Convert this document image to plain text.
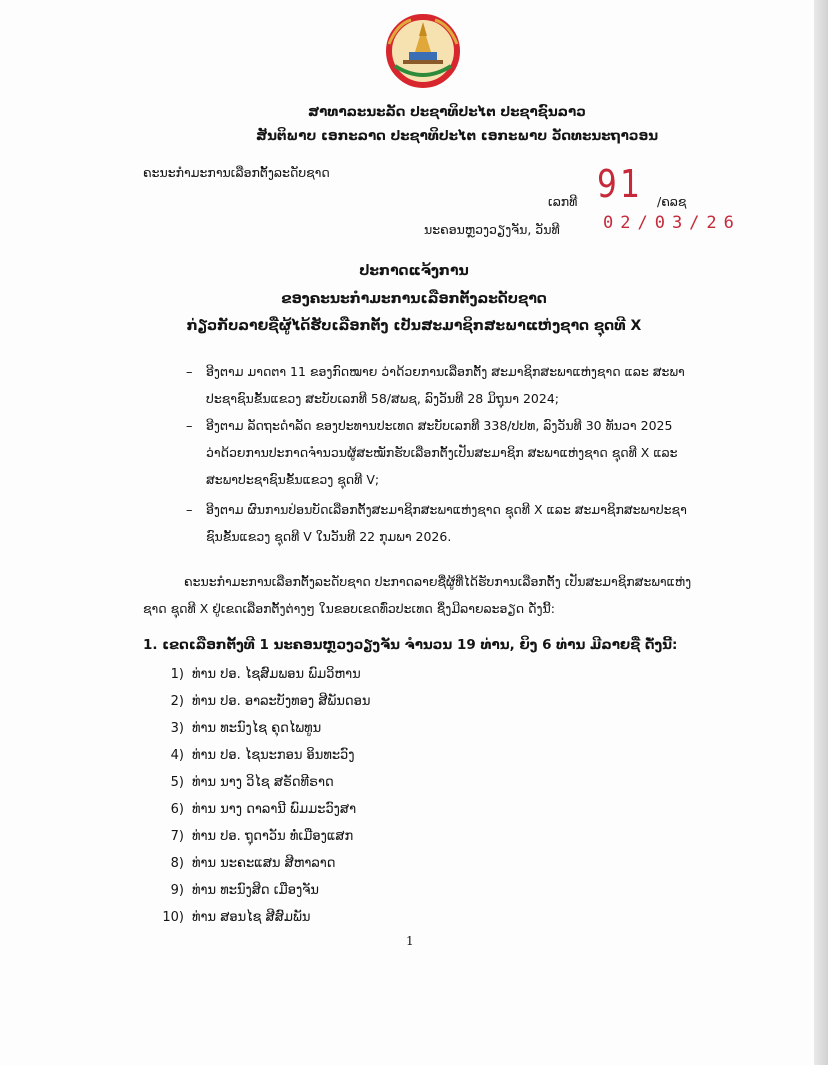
ສາທາລະນະລັດ ປະຊາທິປະໄຕ ປະຊາຊົນລາວ
ສັນຕິພາບ ເອກະລາດ ປະຊາທິປະໄຕ ເອກະພາບ ວັດທະນະຖາວອນ
ຄະນະກຳມະການເລືອກຕັ້ງລະດັບຊາດ
ເລກທີ 91 /ຄລຊ
ນະຄອນຫຼວງວຽງຈັນ, ວັນທີ	02/03/26
ປະກາດແຈ້ງການ
ຂອງຄະນະກຳມະການເລືອກຕັ້ງລະດັບຊາດ
ກ່ຽວກັບລາຍຊື່ຜູ້ໄດ້ຮັບເລືອກຕັ້ງ ເປັນສະມາຊິກສະພາແຫ່ງຊາດ ຊຸດທີ X
– ອີງຕາມ ມາດຕາ 11 ຂອງກົດໝາຍ ວ່າດ້ວຍການເລືອກຕັ້ງ ສະມາຊິກສະພາແຫ່ງຊາດ ແລະ ສະພາ
ປະຊາຊົນຂັ້ນແຂວງ ສະບັບເລກທີ 58/ສພຊ, ລົງວັນທີ 28 ມິຖຸນາ 2024;
– ອີງຕາມ ລັດຖະດຳລັດ ຂອງປະທານປະເທດ ສະບັບເລກທີ 338/ປປທ, ລົງວັນທີ 30 ທັນວາ 2025
ວ່າດ້ວຍການປະກາດຈຳນວນຜູ້ສະໝັກຮັບເລືອກຕັ້ງເປັນສະມາຊິກ ສະພາແຫ່ງຊາດ ຊຸດທີ X ແລະ
ສະພາປະຊາຊົນຂັ້ນແຂວງ ຊຸດທີ V;
– ອີງຕາມ ຜົນການປ່ອນບັດເລືອກຕັ້ງສະມາຊິກສະພາແຫ່ງຊາດ ຊຸດທີ X ແລະ ສະມາຊິກສະພາປະຊາ
ຊົນຂັ້ນແຂວງ ຊຸດທີ V ໃນວັນທີ 22 ກຸມພາ 2026.
ຄະນະກຳມະການເລືອກຕັ້ງລະດັບຊາດ ປະກາດລາຍຊື່ຜູ້ທີ່ໄດ້ຮັບການເລືອກຕັ້ງ ເປັນສະມາຊິກສະພາແຫ່ງ
ຊາດ ຊຸດທີ X ຢູ່ເຂດເລືອກຕັ້ງຕ່າງໆ ໃນຂອບເຂດທົ່ວປະເທດ ຊຶ່ງມີລາຍລະອຽດ ດັ່ງນີ້:
1. ເຂດເລືອກຕັ້ງທີ 1 ນະຄອນຫຼວງວຽງຈັນ ຈຳນວນ 19 ທ່ານ, ຍິງ 6 ທ່ານ ມີລາຍຊື່ ດັ່ງນີ້:
1) ທ່ານ ປອ. ໄຊສົມພອນ ພົມວິຫານ
2) ທ່ານ ປອ. ອາລະບັງທອງ ສີພັນດອນ
3) ທ່ານ ທະນົງໄຊ ຄຸດໄພທູນ
4) ທ່ານ ປອ. ໄຊນະກອນ ອິນທະວົງ
5) ທ່ານ ນາງ ວິໄຊ ສຣັດທີຣາດ
6) ທ່ານ ນາງ ດາລານີ ພົມມະວົງສາ
7) ທ່ານ ປອ. ຖຸດາວັນ ທ່ໍເມືອງແສກ
8) ທ່ານ ນະຄະແສນ ສີຫາລາດ
9) ທ່ານ ທະນົງສິດ ເມືອງຈັນ
10) ທ່ານ ສອນໄຊ ສີສົມພັນ
1
